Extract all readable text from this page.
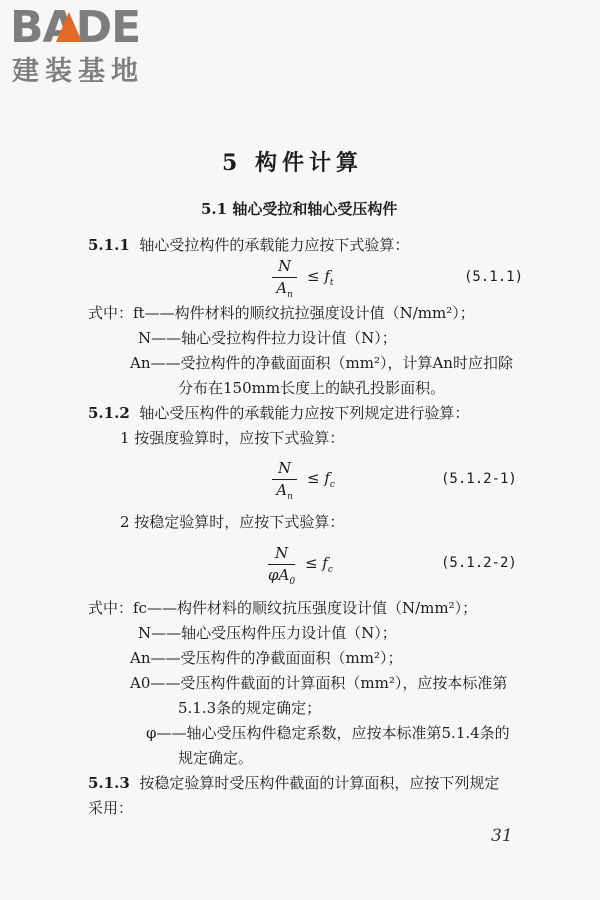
BADE
建装基地
5 构件计算
5.1 轴心受拉和轴心受压构件
5.1.1 轴心受拉构件的承载能力应按下式验算：
$\frac{N}{A_n} \le f_t$	(5.1.1)
式中：ft——构件材料的顺纹抗拉强度设计值（N/mm²）；
N——轴心受拉构件拉力设计值（N）；
An——受拉构件的净截面面积（mm²），计算An时应扣除
分布在150mm长度上的缺孔投影面积。
5.1.2 轴心受压构件的承载能力应按下列规定进行验算：
1 按强度验算时，应按下式验算：
$\frac{N}{A_n} \le f_c$	(5.1.2-1)
2 按稳定验算时，应按下式验算：
$\frac{N}{\varphi A_0} \le f_c$	(5.1.2-2)
式中：fc——构件材料的顺纹抗压强度设计值（N/mm²）；
N——轴心受压构件压力设计值（N）；
An——受压构件的净截面面积（mm²）；
A0——受压构件截面的计算面积（mm²），应按本标准第
5.1.3条的规定确定；
φ——轴心受压构件稳定系数，应按本标准第5.1.4条的
规定确定。
5.1.3 按稳定验算时受压构件截面的计算面积，应按下列规定
采用：
31
